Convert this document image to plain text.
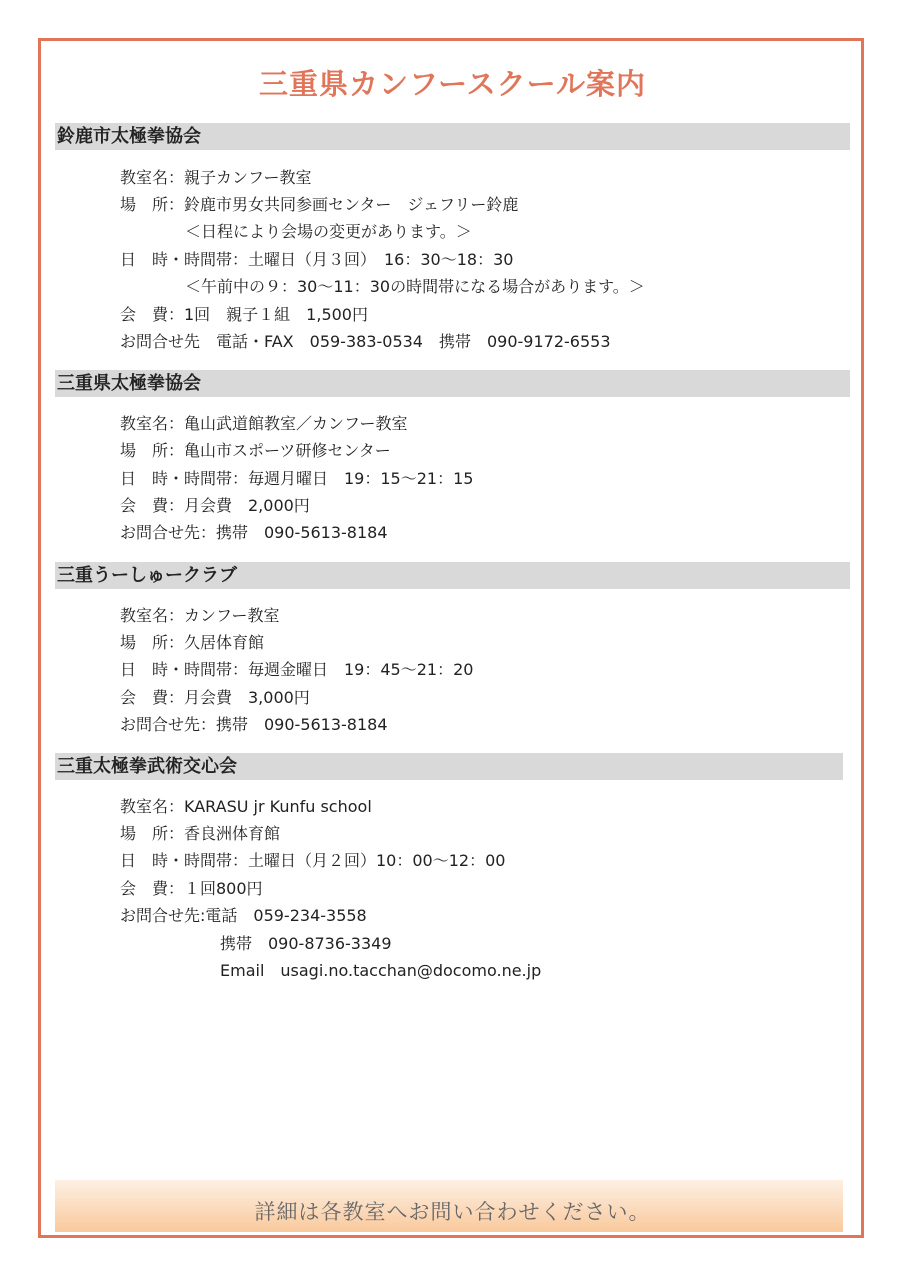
三重県カンフースクール案内
鈴鹿市太極拳協会
教室名：親子カンフー教室
場　所：鈴鹿市男女共同参画センター　ジェフリー鈴鹿
＜日程により会場の変更があります。＞
日　時・時間帯：土曜日（月３回）　16：30～18：30
＜午前中の９：30～11：30の時間帯になる場合があります。＞
会　費：1回　親子１組　1,500円
お問合せ先　電話・FAX　059-383-0534　携帯　090-9172-6553
三重県太極拳協会
教室名：亀山武道館教室／カンフー教室
場　所：亀山市スポーツ研修センター
日　時・時間帯：毎週月曜日　19：15～21：15
会　費：月会費　2,000円
お問合せ先：携帯　090-5613-8184
三重うーしゅークラブ
教室名：カンフー教室
場　所：久居体育館
日　時・時間帯：毎週金曜日　19：45～21：20
会　費：月会費　3,000円
お問合せ先：携帯　090-5613-8184
三重太極拳武術交心会
教室名：KARASU jr Kunfu school
場　所：香良洲体育館
日　時・時間帯：土曜日（月２回）10：00～12：00
会　費：１回800円
お問合せ先:電話　059-234-3558
携帯　090-8736-3349
Email　usagi.no.tacchan@docomo.ne.jp
詳細は各教室へお問い合わせください。
